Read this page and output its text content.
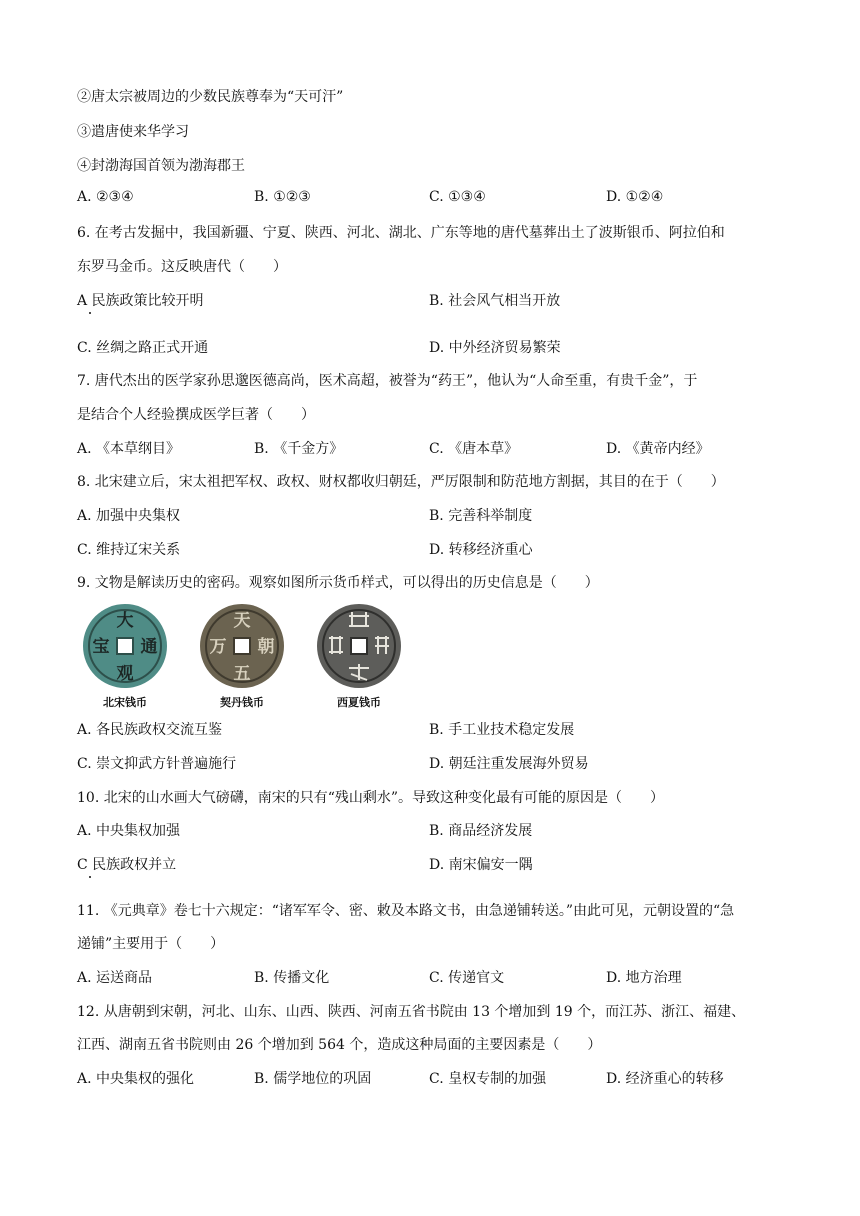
②唐太宗被周边的少数民族尊奉为“天可汗”
③遣唐使来华学习
④封渤海国首领为渤海郡王
A. ②③④	B. ①②③	C. ①③④	D. ①②④
6. 在考古发掘中，我国新疆、宁夏、陕西、河北、湖北、广东等地的唐代墓葬出土了波斯银币、阿拉伯和
东罗马金币。这反映唐代（　　）
A 民族政策比较开明	B. 社会风气相当开放
C. 丝绸之路正式开通	D. 中外经济贸易繁荣
7. 唐代杰出的医学家孙思邈医德高尚，医术高超，被誉为“药王”，他认为“人命至重，有贵千金”，于
是结合个人经验撰成医学巨著（　　）
A. 《本草纲目》	B. 《千金方》	C. 《唐本草》	D. 《黄帝内经》
8. 北宋建立后，宋太祖把军权、政权、财权都收归朝廷，严厉限制和防范地方割据，其目的在于（　　）
A. 加强中央集权	B. 完善科举制度
C. 维持辽宋关系	D. 转移经济重心
9. 文物是解读历史的密码。观察如图所示货币样式，可以得出的历史信息是（　　）
大
通
观
宝
北宋钱币
天
五
万 朝
契丹钱币	西夏钱币
A. 各民族政权交流互鉴	B. 手工业技术稳定发展
C. 崇文抑武方针普遍施行	D. 朝廷注重发展海外贸易
10. 北宋的山水画大气磅礴，南宋的只有“残山剩水”。导致这种变化最有可能的原因是（　　）
A. 中央集权加强	B. 商品经济发展
C 民族政权并立	D. 南宋偏安一隅
11. 《元典章》卷七十六规定：“诸军军令、密、敕及本路文书，由急递铺转送。”由此可见，元朝设置的“急
递铺”主要用于（　　）
A. 运送商品	B. 传播文化	C. 传递官文	D. 地方治理
12. 从唐朝到宋朝，河北、山东、山西、陕西、河南五省书院由 13 个增加到 19 个，而江苏、浙江、福建、
江西、湖南五省书院则由 26 个增加到 564 个，造成这种局面的主要因素是（　　）
A. 中央集权的强化	B. 儒学地位的巩固	C. 皇权专制的加强	D. 经济重心的转移
